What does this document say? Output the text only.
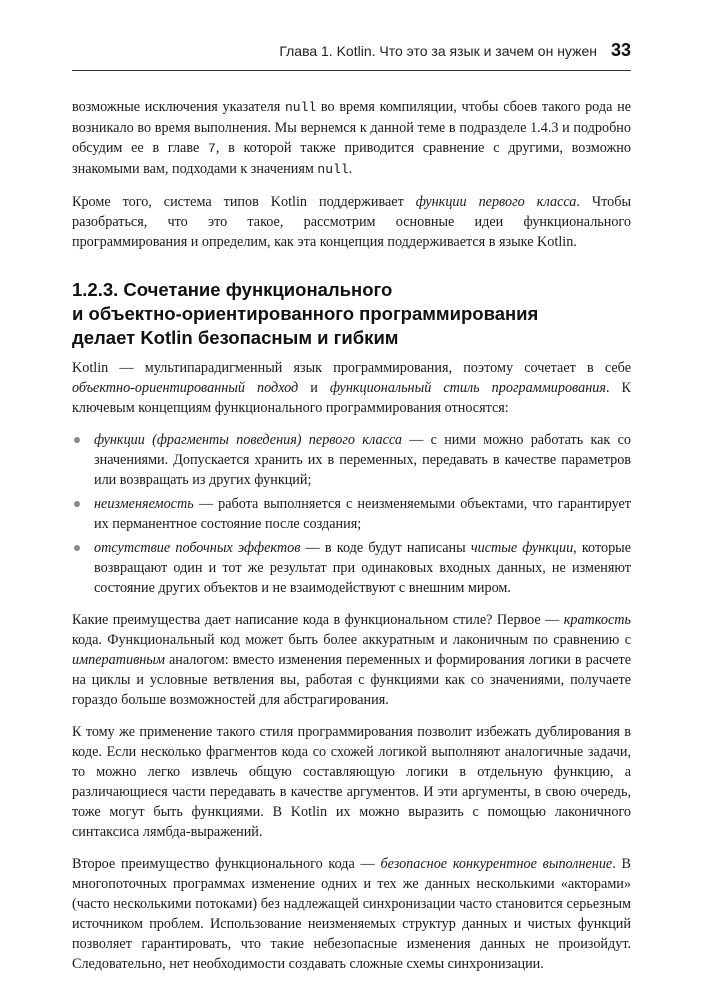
Глава 1. Kotlin. Что это за язык и зачем он нужен 33

возможные исключения указателя null во время компиляции, чтобы сбоев такого рода не возникало во время выполнения. Мы вернемся к данной теме в подразделе 1.4.3 и подробно обсудим ее в главе 7, в которой также приводится сравнение с другими, возможно знакомыми вам, подходами к значениям null.

Кроме того, система типов Kotlin поддерживает функции первого класса. Чтобы разобраться, что это такое, рассмотрим основные идеи функционального программирования и определим, как эта концепция поддерживается в языке Kotlin.

1.2.3. Сочетание функционального
и объектно-ориентированного программирования
делает Kotlin безопасным и гибким

Kotlin — мультипарадигменный язык программирования, поэтому сочетает в себе объектно-ориентированный подход и функциональный стиль программирования. К ключевым концепциям функционального программирования относятся:

функции (фрагменты поведения) первого класса — с ними можно работать как со значениями. Допускается хранить их в переменных, передавать в качестве параметров или возвращать из других функций;
неизменяемость — работа выполняется с неизменяемыми объектами, что гарантирует их перманентное состояние после создания;
отсутствие побочных эффектов — в коде будут написаны чистые функции, которые возвращают один и тот же результат при одинаковых входных данных, не изменяют состояние других объектов и не взаимодействуют с внешним миром.

Какие преимущества дает написание кода в функциональном стиле? Первое — краткость кода. Функциональный код может быть более аккуратным и лаконичным по сравнению с императивным аналогом: вместо изменения переменных и формирования логики в расчете на циклы и условные ветвления вы, работая с функциями как со значениями, получаете гораздо больше возможностей для абстрагирования.

К тому же применение такого стиля программирования позволит избежать дублирования в коде. Если несколько фрагментов кода со схожей логикой выполняют аналогичные задачи, то можно легко извлечь общую составляющую логики в отдельную функцию, а различающиеся части передавать в качестве аргументов. И эти аргументы, в свою очередь, тоже могут быть функциями. В Kotlin их можно выразить с помощью лаконичного синтаксиса лямбда-выражений.

Второе преимущество функционального кода — безопасное конкурентное выполнение. В многопоточных программах изменение одних и тех же данных несколькими «акторами» (часто несколькими потоками) без надлежащей синхронизации часто становится серьезным источником проблем. Использование неизменяемых структур данных и чистых функций позволяет гарантировать, что такие небезопасные изменения данных не произойдут. Следовательно, нет необходимости создавать сложные схемы синхронизации.
